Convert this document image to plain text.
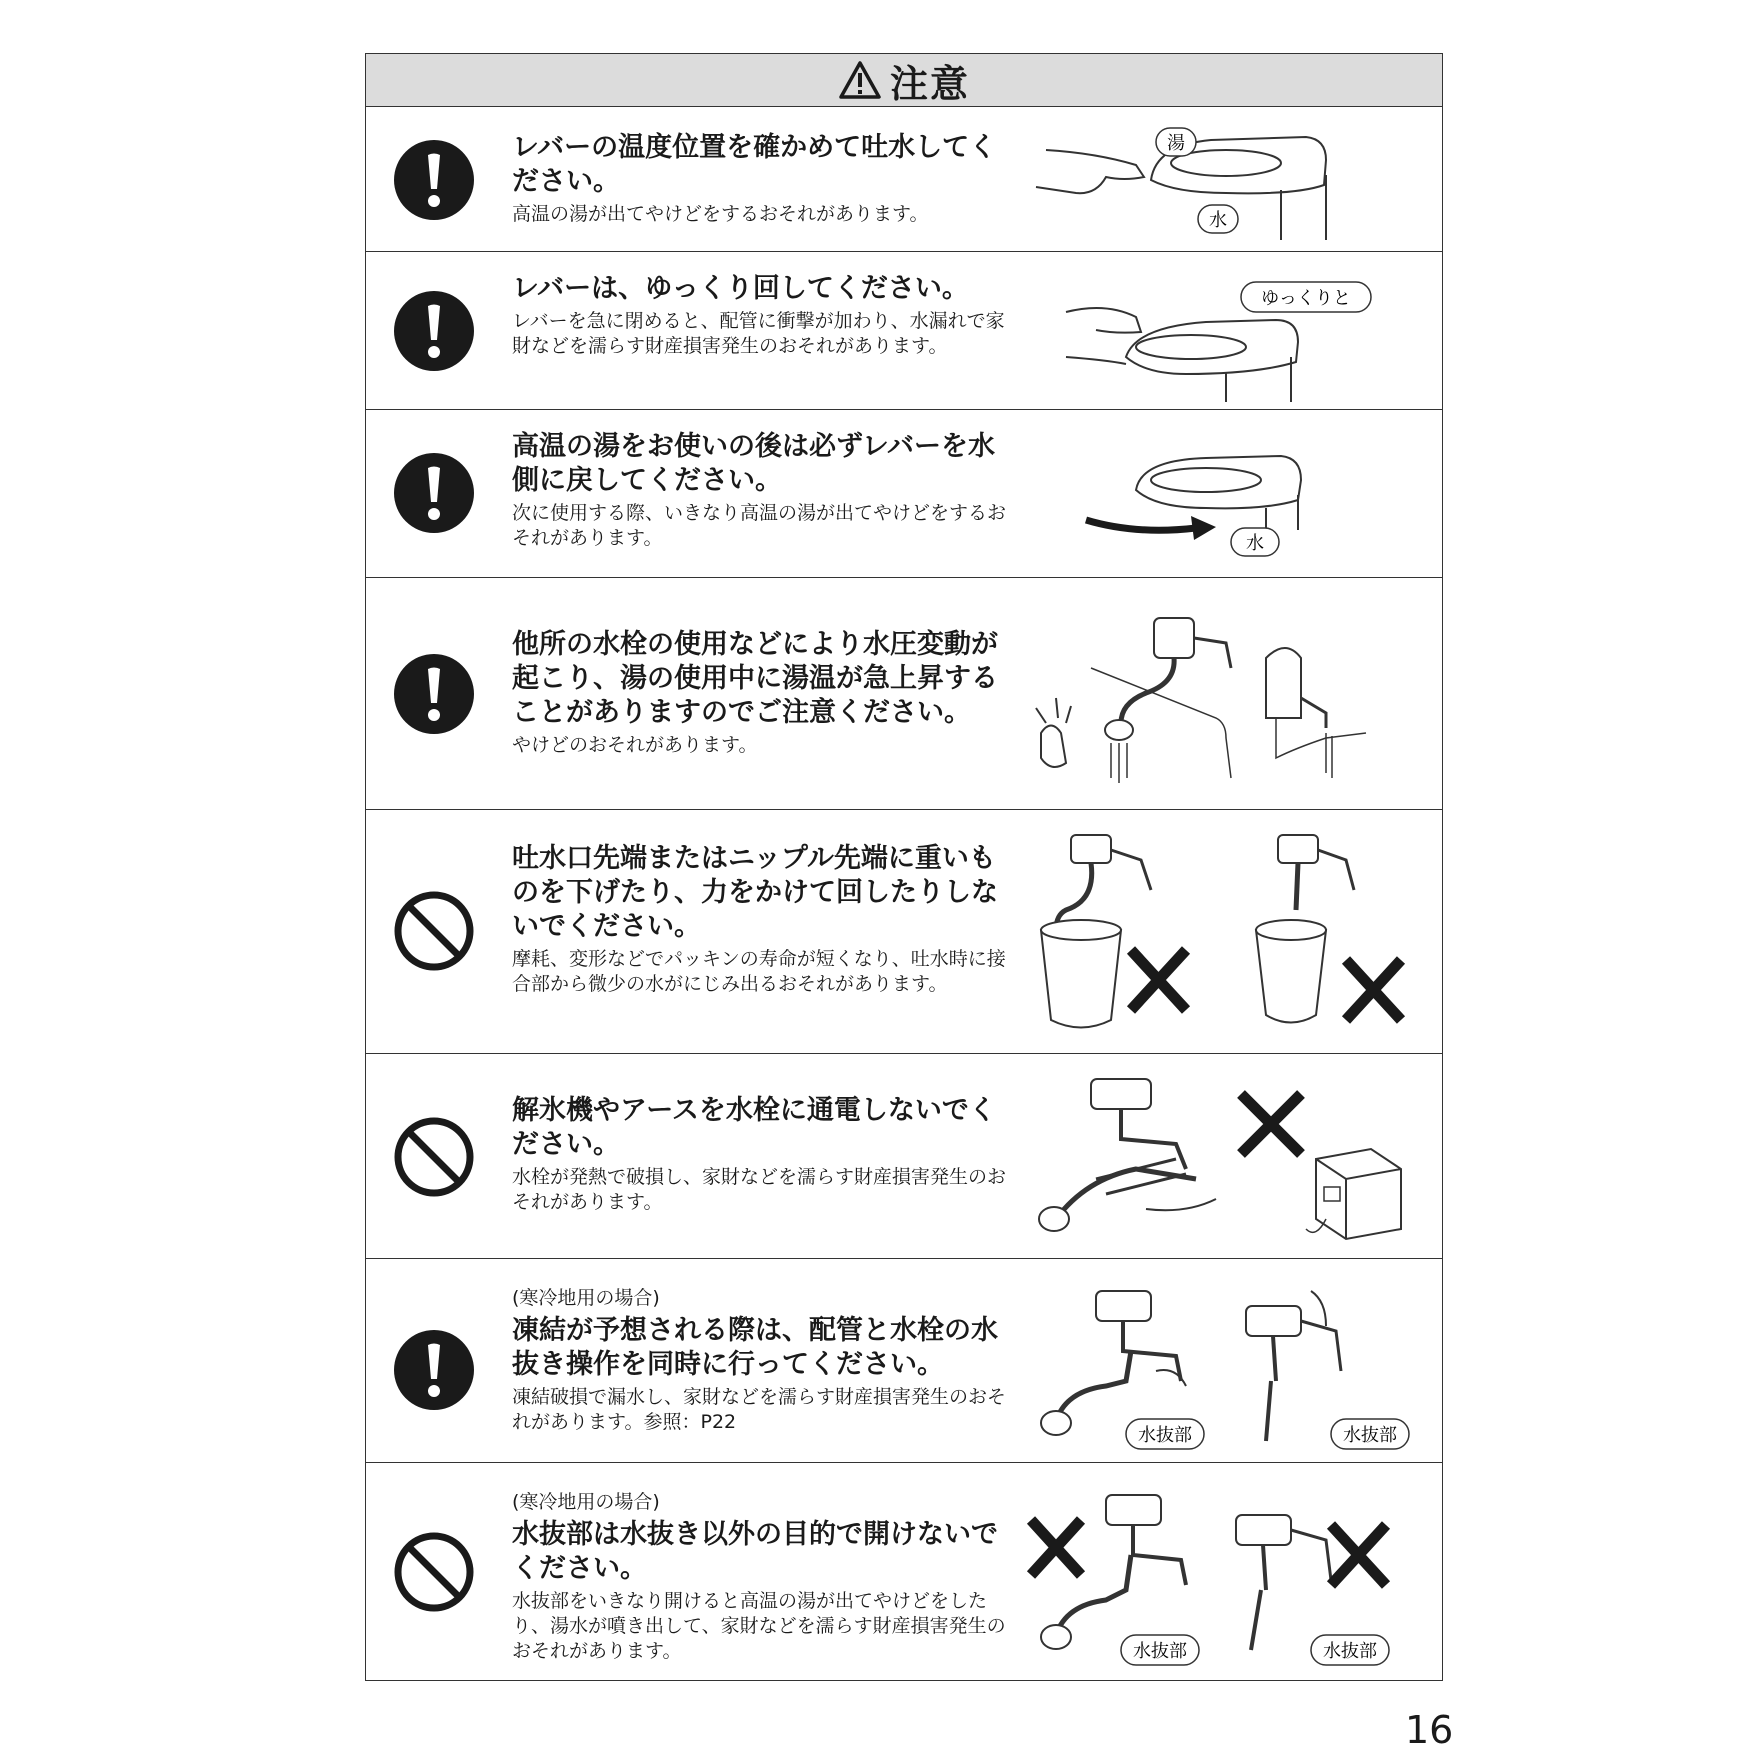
注意
レバーの温度位置を確かめて吐水してください。
高温の湯が出てやけどをするおそれがあります。
湯
水
レバーは、ゆっくり回してください。
レバーを急に閉めると、配管に衝撃が加わり、水漏れで家財などを濡らす財産損害発生のおそれがあります。
ゆっくりと
高温の湯をお使いの後は必ずレバーを水側に戻してください。
次に使用する際、いきなり高温の湯が出てやけどをするおそれがあります。	水
他所の水栓の使用などにより水圧変動が起こり、湯の使用中に湯温が急上昇することがありますのでご注意ください。
やけどのおそれがあります。
吐水口先端またはニップル先端に重いものを下げたり、力をかけて回したりしないでください。
摩耗、変形などでパッキンの寿命が短くなり、吐水時に接合部から微少の水がにじみ出るおそれがあります。
解氷機やアースを水栓に通電しないでください。
水栓が発熱で破損し、家財などを濡らす財産損害発生のおそれがあります。
(寒冷地用の場合)
凍結が予想される際は、配管と水栓の水抜き操作を同時に行ってください。
凍結破損で漏水し、家財などを濡らす財産損害発生のおそれがあります。参照：P22
水抜部	水抜部
(寒冷地用の場合)
水抜部は水抜き以外の目的で開けないでください。
水抜部をいきなり開けると高温の湯が出てやけどをしたり、湯水が噴き出して、家財などを濡らす財産損害発生のおそれがあります。	水抜部	水抜部
16
